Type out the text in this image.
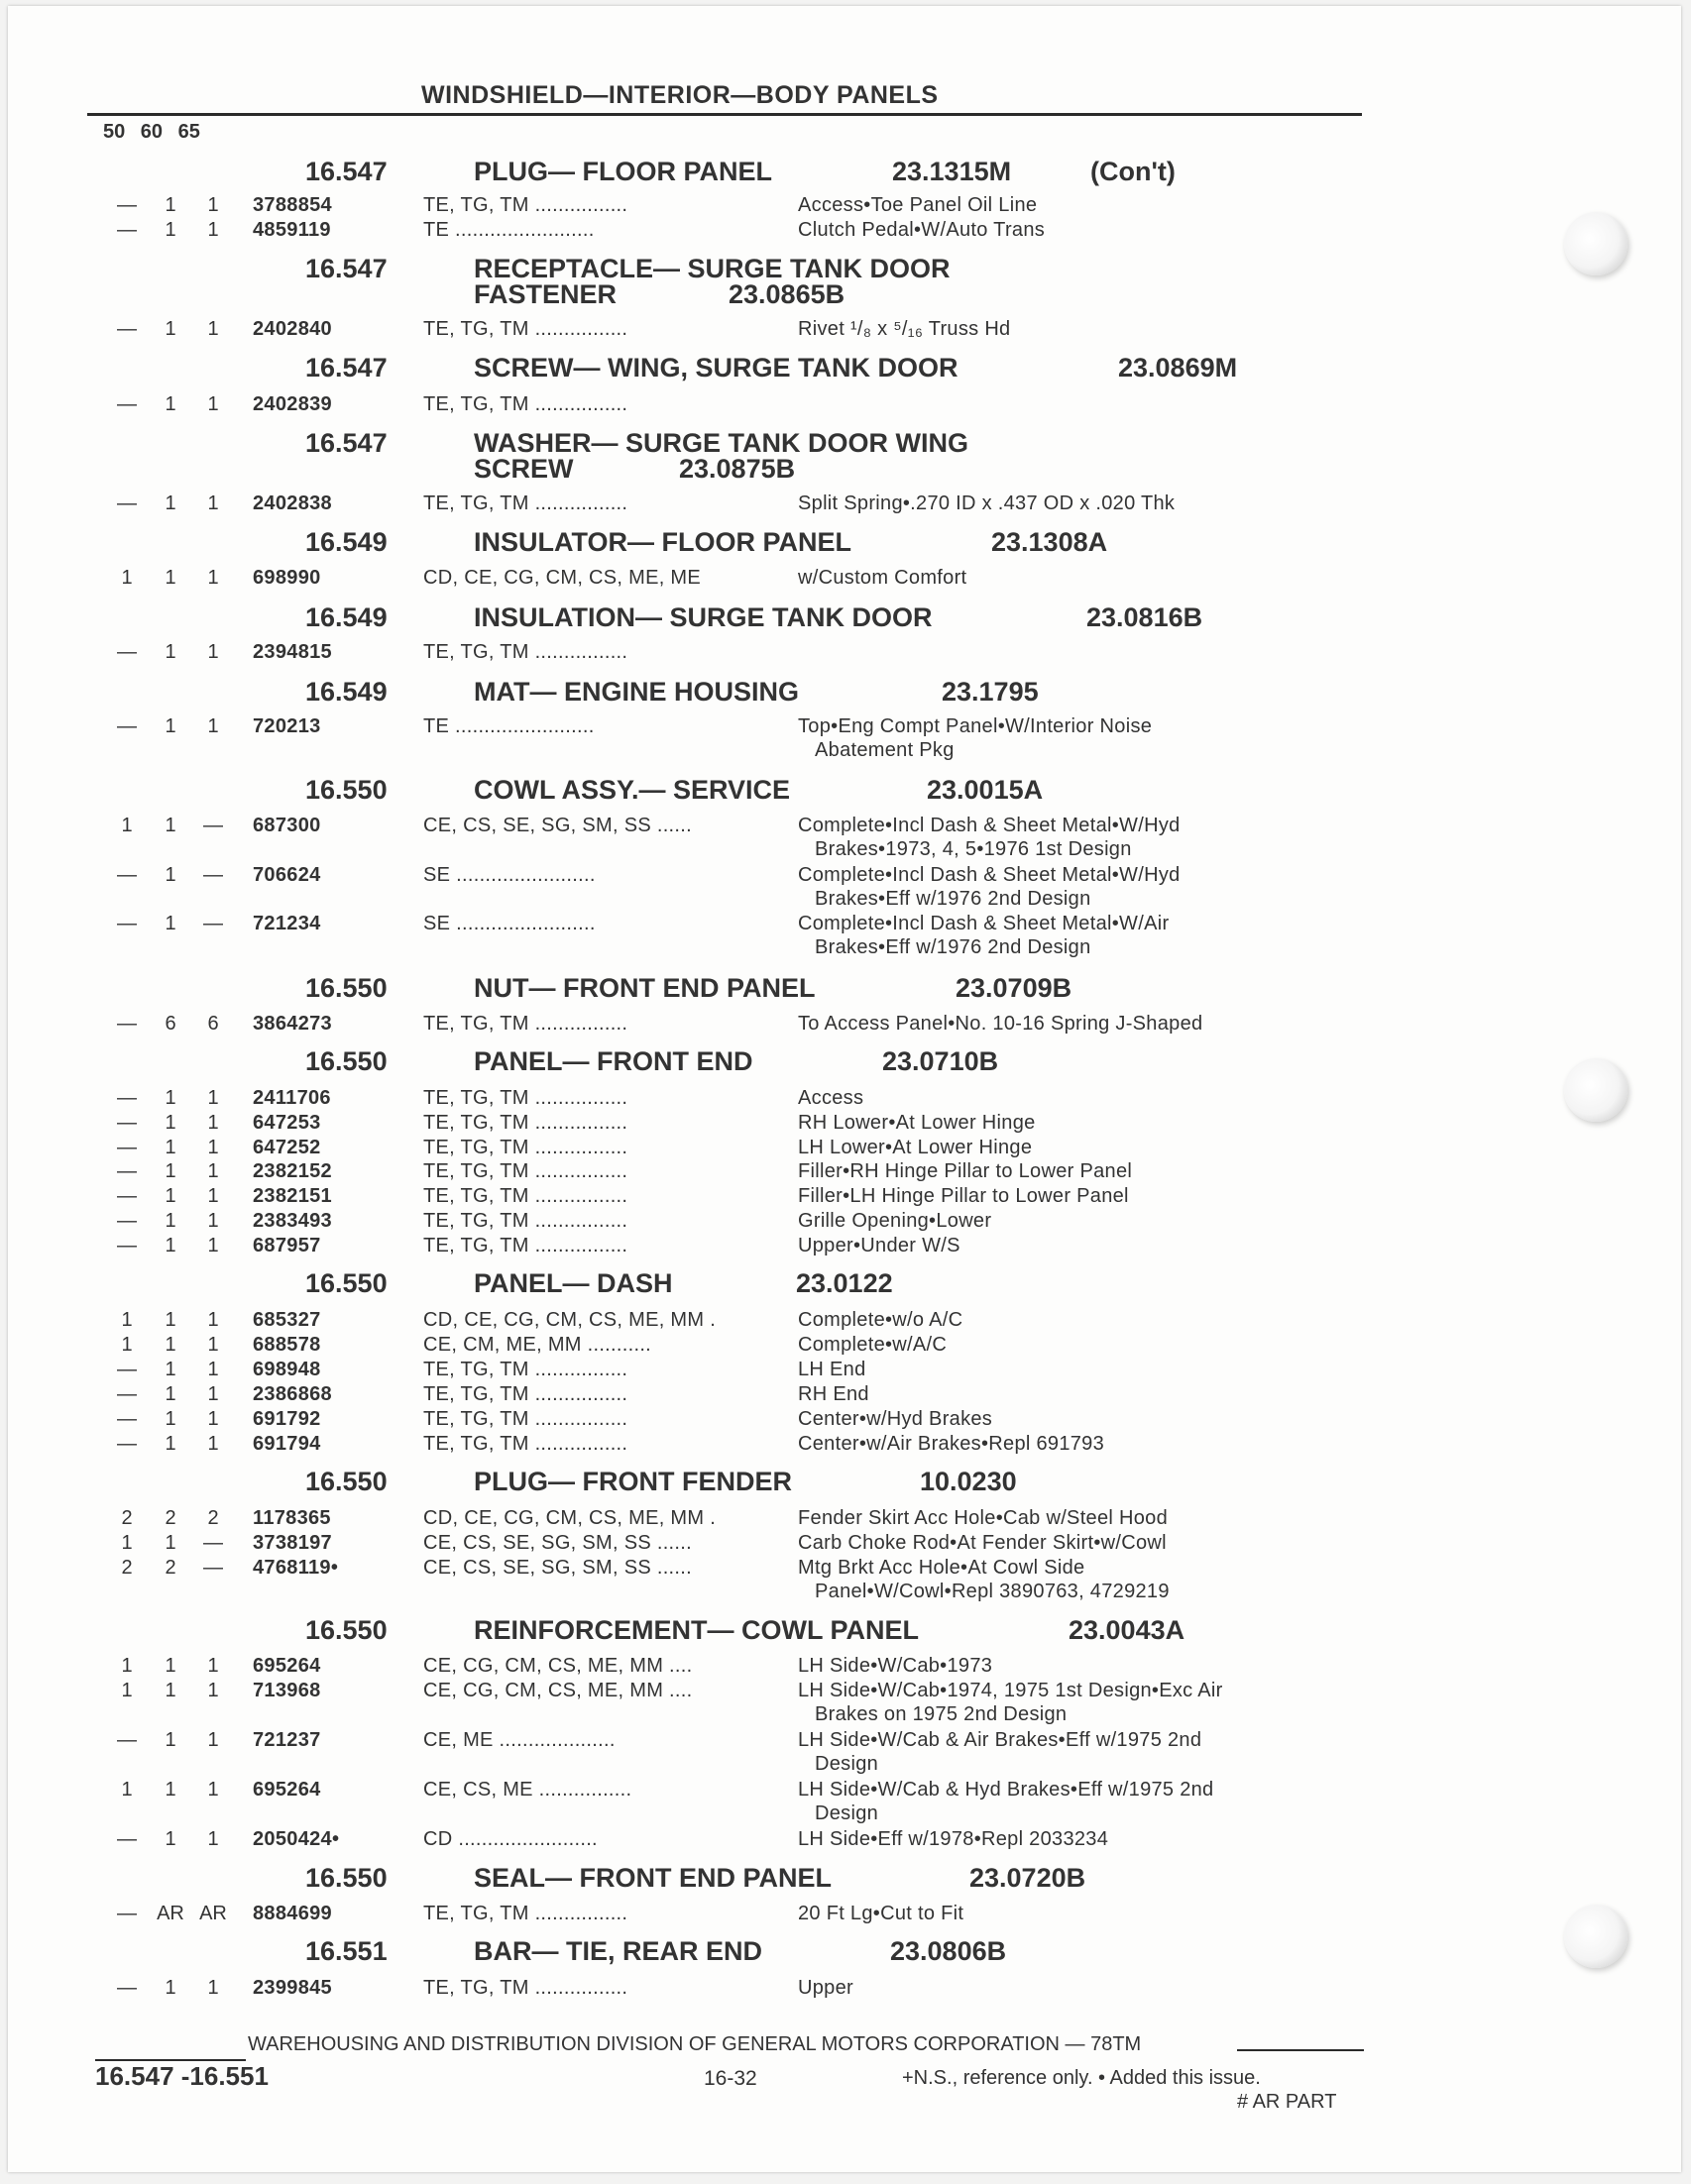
WINDSHIELD—INTERIOR—BODY PANELS
50 60 65
16.547	PLUG— FLOOR PANEL	23.1315M	(Con't)
—	1	1	3788854	TE, TG, TM ................	Access•Toe Panel Oil Line
—	1	1	4859119	TE ........................	Clutch Pedal•W/Auto Trans
16.547	RECEPTACLE— SURGE TANK DOOR
FASTENER	23.0865B
—	1	1	2402840	TE, TG, TM ................	Rivet ¹/₈ x ⁵/₁₆ Truss Hd
16.547	SCREW— WING, SURGE TANK DOOR	23.0869M
—	1	1	2402839	TE, TG, TM ................
16.547	WASHER— SURGE TANK DOOR WING
SCREW	23.0875B
—	1	1	2402838	TE, TG, TM ................	Split Spring•.270 ID x .437 OD x .020 Thk
16.549	INSULATOR— FLOOR PANEL	23.1308A
1	1	1	698990	CD, CE, CG, CM, CS, ME, ME	w/Custom Comfort
16.549	INSULATION— SURGE TANK DOOR	23.0816B
—	1	1	2394815	TE, TG, TM ................
16.549	MAT— ENGINE HOUSING	23.1795
—	1	1	720213	TE ........................	Top•Eng Compt Panel•W/Interior Noise
Abatement Pkg
16.550	COWL ASSY.— SERVICE	23.0015A
1	1	— 687300	CE, CS, SE, SG, SM, SS ......	Complete•Incl Dash & Sheet Metal•W/Hyd
Brakes•1973, 4, 5•1976 1st Design
—	1	— 706624	SE ........................	Complete•Incl Dash & Sheet Metal•W/Hyd
Brakes•Eff w/1976 2nd Design
—	1	— 721234	SE ........................	Complete•Incl Dash & Sheet Metal•W/Air
Brakes•Eff w/1976 2nd Design
16.550	NUT— FRONT END PANEL	23.0709B
—	6	6	3864273	TE, TG, TM ................	To Access Panel•No. 10-16 Spring J-Shaped
16.550	PANEL— FRONT END	23.0710B
—	1	1	2411706	TE, TG, TM ................	Access
—	1	1	647253	TE, TG, TM ................	RH Lower•At Lower Hinge
—	1	1	647252	TE, TG, TM ................	LH Lower•At Lower Hinge
—	1	1	2382152	TE, TG, TM ................	Filler•RH Hinge Pillar to Lower Panel
—	1	1	2382151	TE, TG, TM ................	Filler•LH Hinge Pillar to Lower Panel
—	1	1	2383493	TE, TG, TM ................	Grille Opening•Lower
—	1	1	687957	TE, TG, TM ................	Upper•Under W/S
16.550	PANEL— DASH	23.0122
1	1	1	685327	CD, CE, CG, CM, CS, ME, MM .	Complete•w/o A/C
1	1	1	688578	CE, CM, ME, MM ...........	Complete•w/A/C
—	1	1	698948	TE, TG, TM ................	LH End
—	1	1	2386868	TE, TG, TM ................	RH End
—	1	1	691792	TE, TG, TM ................	Center•w/Hyd Brakes
—	1	1	691794	TE, TG, TM ................	Center•w/Air Brakes•Repl 691793
16.550	PLUG— FRONT FENDER	10.0230
2	2	2	1178365	CD, CE, CG, CM, CS, ME, MM .	Fender Skirt Acc Hole•Cab w/Steel Hood
1	1	— 3738197	CE, CS, SE, SG, SM, SS ......	Carb Choke Rod•At Fender Skirt•w/Cowl
2	2	— 4768119•	CE, CS, SE, SG, SM, SS ......	Mtg Brkt Acc Hole•At Cowl Side
Panel•W/Cowl•Repl 3890763, 4729219
16.550	REINFORCEMENT— COWL PANEL	23.0043A
1	1	1	695264	CE, CG, CM, CS, ME, MM ....	LH Side•W/Cab•1973
1	1	1	713968	CE, CG, CM, CS, ME, MM ....	LH Side•W/Cab•1974, 1975 1st Design•Exc Air
Brakes on 1975 2nd Design
—	1	1	721237	CE, ME ....................	LH Side•W/Cab & Air Brakes•Eff w/1975 2nd
Design
1	1	1	695264	CE, CS, ME ................	LH Side•W/Cab & Hyd Brakes•Eff w/1975 2nd
Design
—	1	1	2050424•	CD ........................	LH Side•Eff w/1978•Repl 2033234
16.550	SEAL— FRONT END PANEL	23.0720B
— AR AR 8884699	TE, TG, TM ................	20 Ft Lg•Cut to Fit
16.551	BAR— TIE, REAR END	23.0806B
—	1	1	2399845	TE, TG, TM ................	Upper
WAREHOUSING AND DISTRIBUTION DIVISION OF GENERAL MOTORS CORPORATION — 78TM
16.547 -16.551	16-32	+N.S., reference only. • Added this issue.
# AR PART
